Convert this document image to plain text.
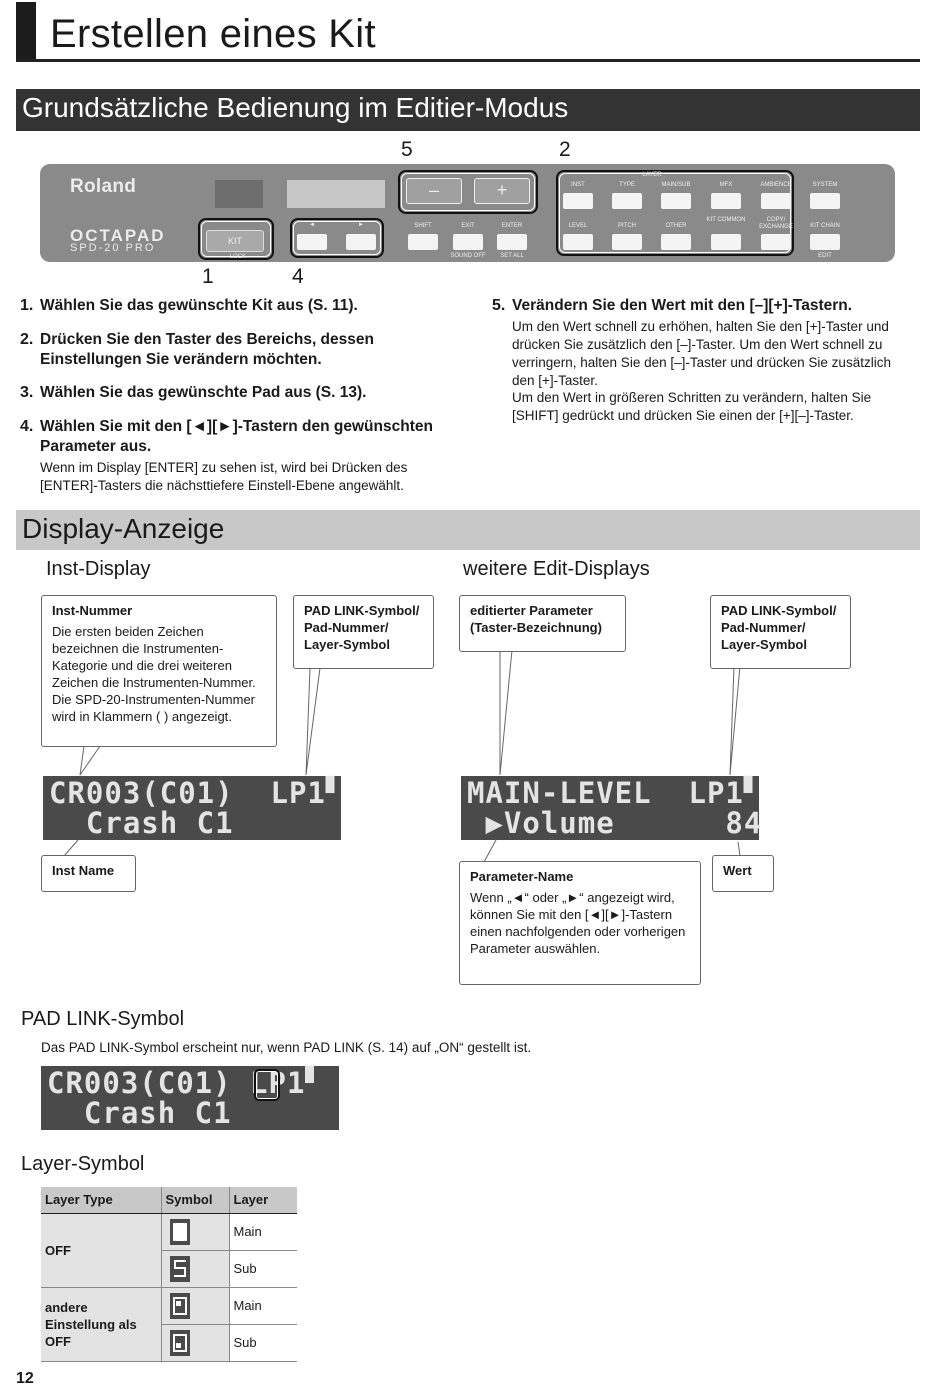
Erstellen eines Kit
Grundsätzliche Bedienung im Editier-Modus
5	2
1	4
Roland
OCTAPAD
SPD-20 PRO
KIT
LOCK
◄	►	SHIFT	EXIT	ENTER
SOUND OFF	SET ALL
–	+
LAYER
INST	TYPE	MAIN/SUB	MFX	AMBIENCE	SYSTEM
LEVEL	PITCH	OTHER
KIT COMMON	COPY/ EXCHANGE	KIT CHAIN
EDIT
1. Wählen Sie das gewünschte Kit aus (S. 11).
2. Drücken Sie den Taster des Bereichs, dessen Einstellungen Sie verändern möchten.
3. Wählen Sie das gewünschte Pad aus (S. 13).
4. Wählen Sie mit den [◄][►]-Tastern den gewünschten Parameter aus.
Wenn im Display [ENTER] zu sehen ist, wird bei Drücken des [ENTER]-Tasters die nächsttiefere Einstell-Ebene angewählt.
5. Verändern Sie den Wert mit den [–][+]-Tastern.
Um den Wert schnell zu erhöhen, halten Sie den [+]-Taster und drücken Sie zusätzlich den [–]-Taster. Um den Wert schnell zu verringern, halten Sie den [–]-Taster und drücken Sie zusätzlich den [+]-Taster.
Um den Wert in größeren Schritten zu verändern, halten Sie [SHIFT] gedrückt und drücken Sie einen der [+][–]-Taster.
Display-Anzeige
Inst-Display	weitere Edit-Displays
Inst-Nummer
Die ersten beiden Zeichen bezeichnen die Instrumenten-Kategorie und die drei weiteren Zeichen die Instrumenten-Nummer. Die SPD-20-Instrumenten-Nummer wird in Klammern ( ) angezeigt.
PAD LINK-Symbol/ Pad-Nummer/ Layer-Symbol
CR003(C01)  LP1▘
Crash C1
Inst Name
editierter Parameter (Taster-Bezeichnung)
PAD LINK-Symbol/ Pad-Nummer/ Layer-Symbol
MAIN-LEVEL  LP1▘
▶Volume      84
Parameter-Name
Wenn „◄“ oder „►“ angezeigt wird, können Sie mit den [◄][►]-Tastern einen nachfolgenden oder vorherigen Parameter auswählen.
Wert
PAD LINK-Symbol
Das PAD LINK-Symbol erscheint nur, wenn PAD LINK (S. 14) auf „ON“ gestellt ist.
CR003(C01) LP1▘
Crash C1
Layer-Symbol
Layer Type	Symbol	Layer
OFF		Main

		Sub
andere Einstellung als OFF		Main

		Sub
12
